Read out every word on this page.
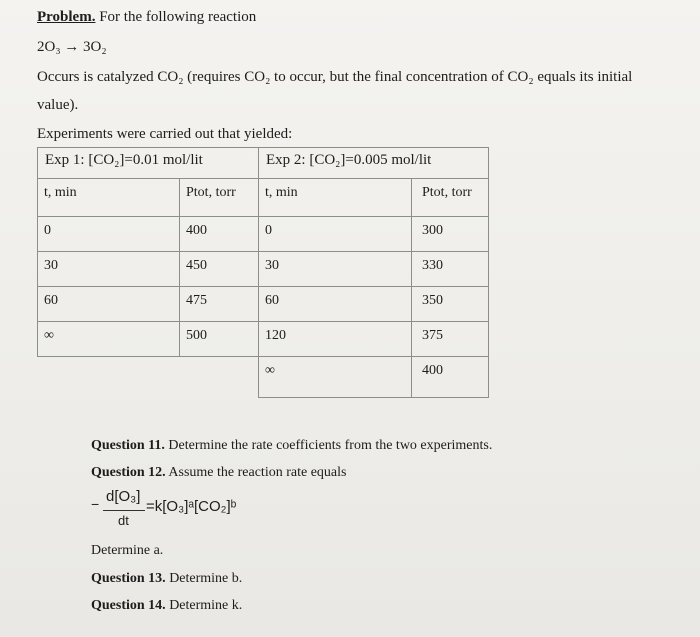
Problem. For the following reaction
2O₃ → 3O₂
Occurs is catalyzed CO₂ (requires CO₂ to occur, but the final concentration of CO₂ equals its initial
value).
Experiments were carried out that yielded:
Exp 1: [CO₂]=0.01 mol/lit		Exp 2: [CO₂]=0.005 mol/lit	

t, min	Ptot, torr	t, min	Ptot, torr

0	400	0	300

30	450	30	330

60	475	60	350

∞	500	120	375

		∞	400
Question 11. Determine the rate coefficients from the two experiments.
Question 12. Assume the reaction rate equals
− d[O₃]
dt
=k[O₃]ᵃ[CO₂]ᵇ
Determine a.
Question 13. Determine b.
Question 14. Determine k.
